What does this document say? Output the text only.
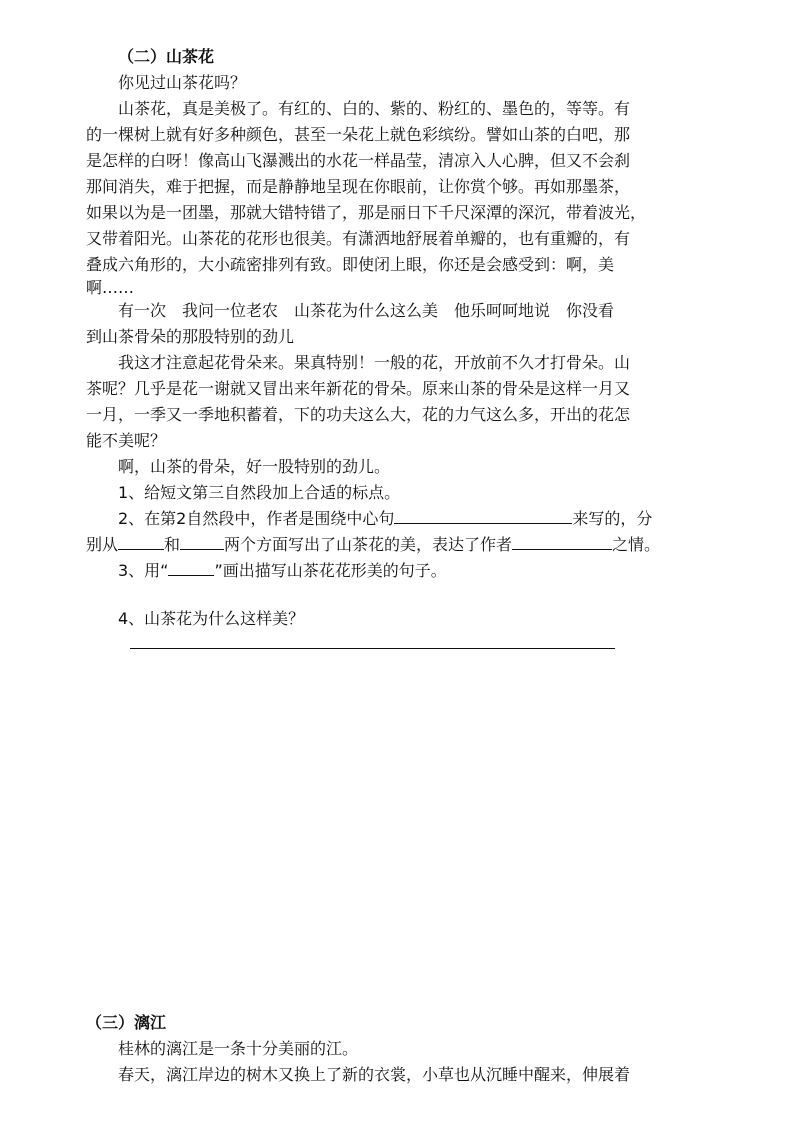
（二）山茶花
你见过山茶花吗？
山茶花，真是美极了。有红的、白的、紫的、粉红的、墨色的，等等。有
的一棵树上就有好多种颜色，甚至一朵花上就色彩缤纷。譬如山茶的白吧，那
是怎样的白呀！像高山飞瀑溅出的水花一样晶莹，清凉入人心脾，但又不会刹
那间消失，难于把握，而是静静地呈现在你眼前，让你赏个够。再如那墨茶，
如果以为是一团墨，那就大错特错了，那是丽日下千尺深潭的深沉，带着波光，
又带着阳光。山茶花的花形也很美。有潇洒地舒展着单瓣的，也有重瓣的，有
叠成六角形的，大小疏密排列有致。即使闭上眼，你还是会感受到：啊，美
啊……
有一次　我问一位老农　山茶花为什么这么美　他乐呵呵地说　你没看
到山茶骨朵的那股特别的劲儿
我这才注意起花骨朵来。果真特别！一般的花，开放前不久才打骨朵。山
茶呢？几乎是花一谢就又冒出来年新花的骨朵。原来山茶的骨朵是这样一月又
一月，一季又一季地积蓄着，下的功夫这么大，花的力气这么多，开出的花怎
能不美呢？
啊，山茶的骨朵，好一股特别的劲儿。
1、给短文第三自然段加上合适的标点。
2、在第2自然段中，作者是围绕中心句	来写的，分
别从	和	两个方面写出了山茶花的美，表达了作者	之情。
3、用“	”画出描写山茶花花形美的句子。
4、山茶花为什么这样美？
（三）漓江
桂林的漓江是一条十分美丽的江。
春天，漓江岸边的树木又换上了新的衣裳，小草也从沉睡中醒来，伸展着
